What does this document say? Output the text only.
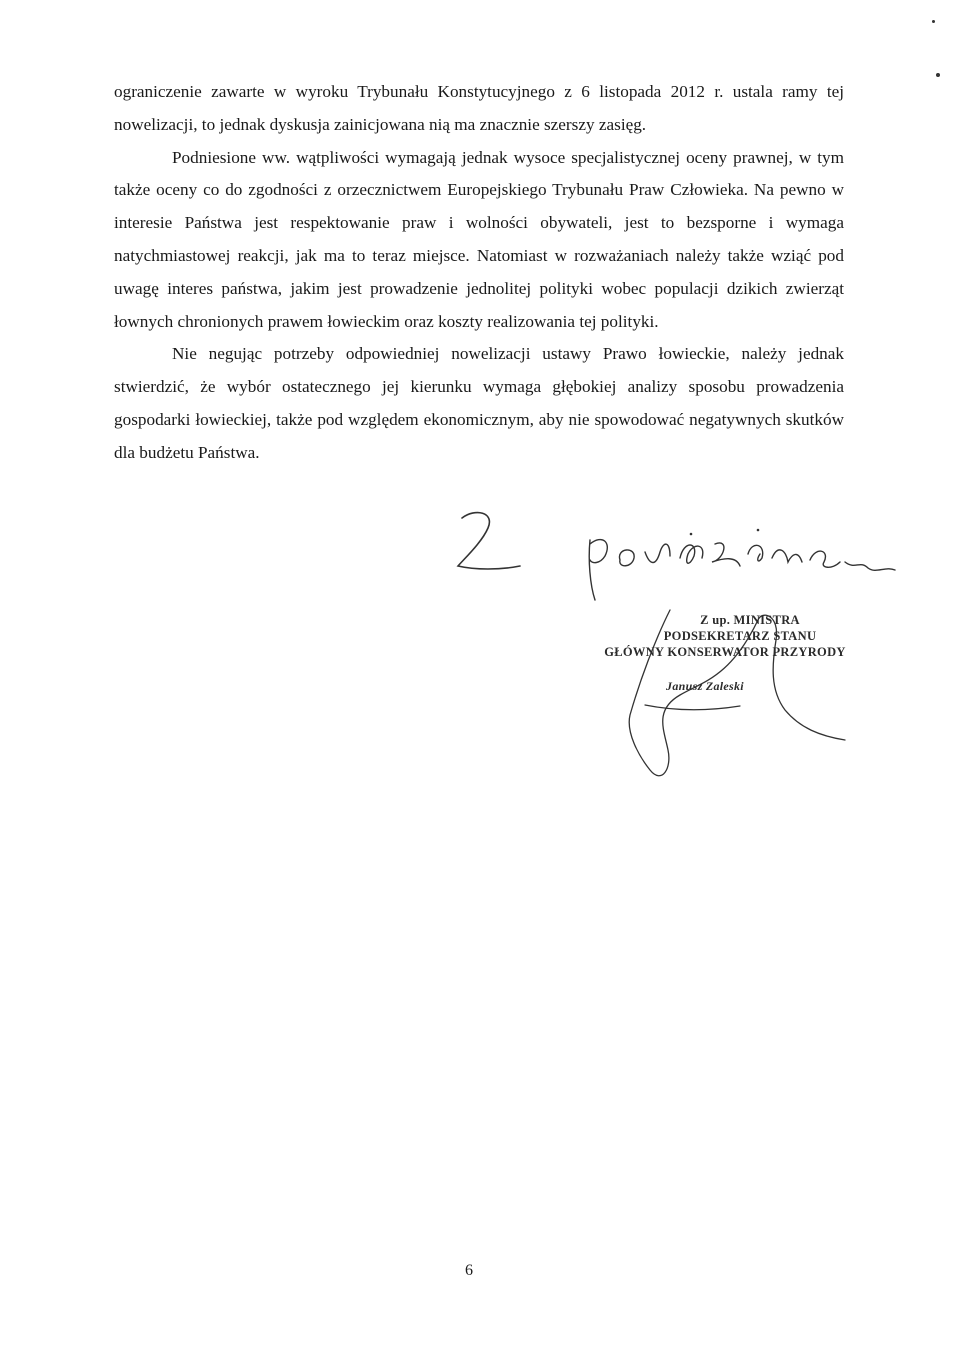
ograniczenie zawarte w wyroku Trybunału Konstytucyjnego z 6 listopada 2012 r. ustala ramy tej nowelizacji, to jednak dyskusja zainicjowana nią ma znacznie szerszy zasięg.

Podniesione ww. wątpliwości wymagają jednak wysoce specjalistycznej oceny prawnej, w tym także oceny co do zgodności z orzecznictwem Europejskiego Trybunału Praw Człowieka. Na pewno w interesie Państwa jest respektowanie praw i wolności obywateli, jest to bezsporne i wymaga natychmiastowej reakcji, jak ma to teraz miejsce. Natomiast w rozważaniach należy także wziąć pod uwagę interes państwa, jakim jest prowadzenie jednolitej polityki wobec populacji dzikich zwierząt łownych chronionych prawem łowieckim oraz koszty realizowania tej polityki.

Nie negując potrzeby odpowiedniej nowelizacji ustawy Prawo łowieckie, należy jednak stwierdzić, że wybór ostatecznego jej kierunku wymaga głębokiej analizy sposobu prowadzenia gospodarki łowieckiej, także pod względem ekonomicznym, aby nie spowodować negatywnych skutków dla budżetu Państwa.

Z up. MINISTRA
PODSEKRETARZ STANU
GŁÓWNY KONSERWATOR PRZYRODY
Janusz Zaleski

6
